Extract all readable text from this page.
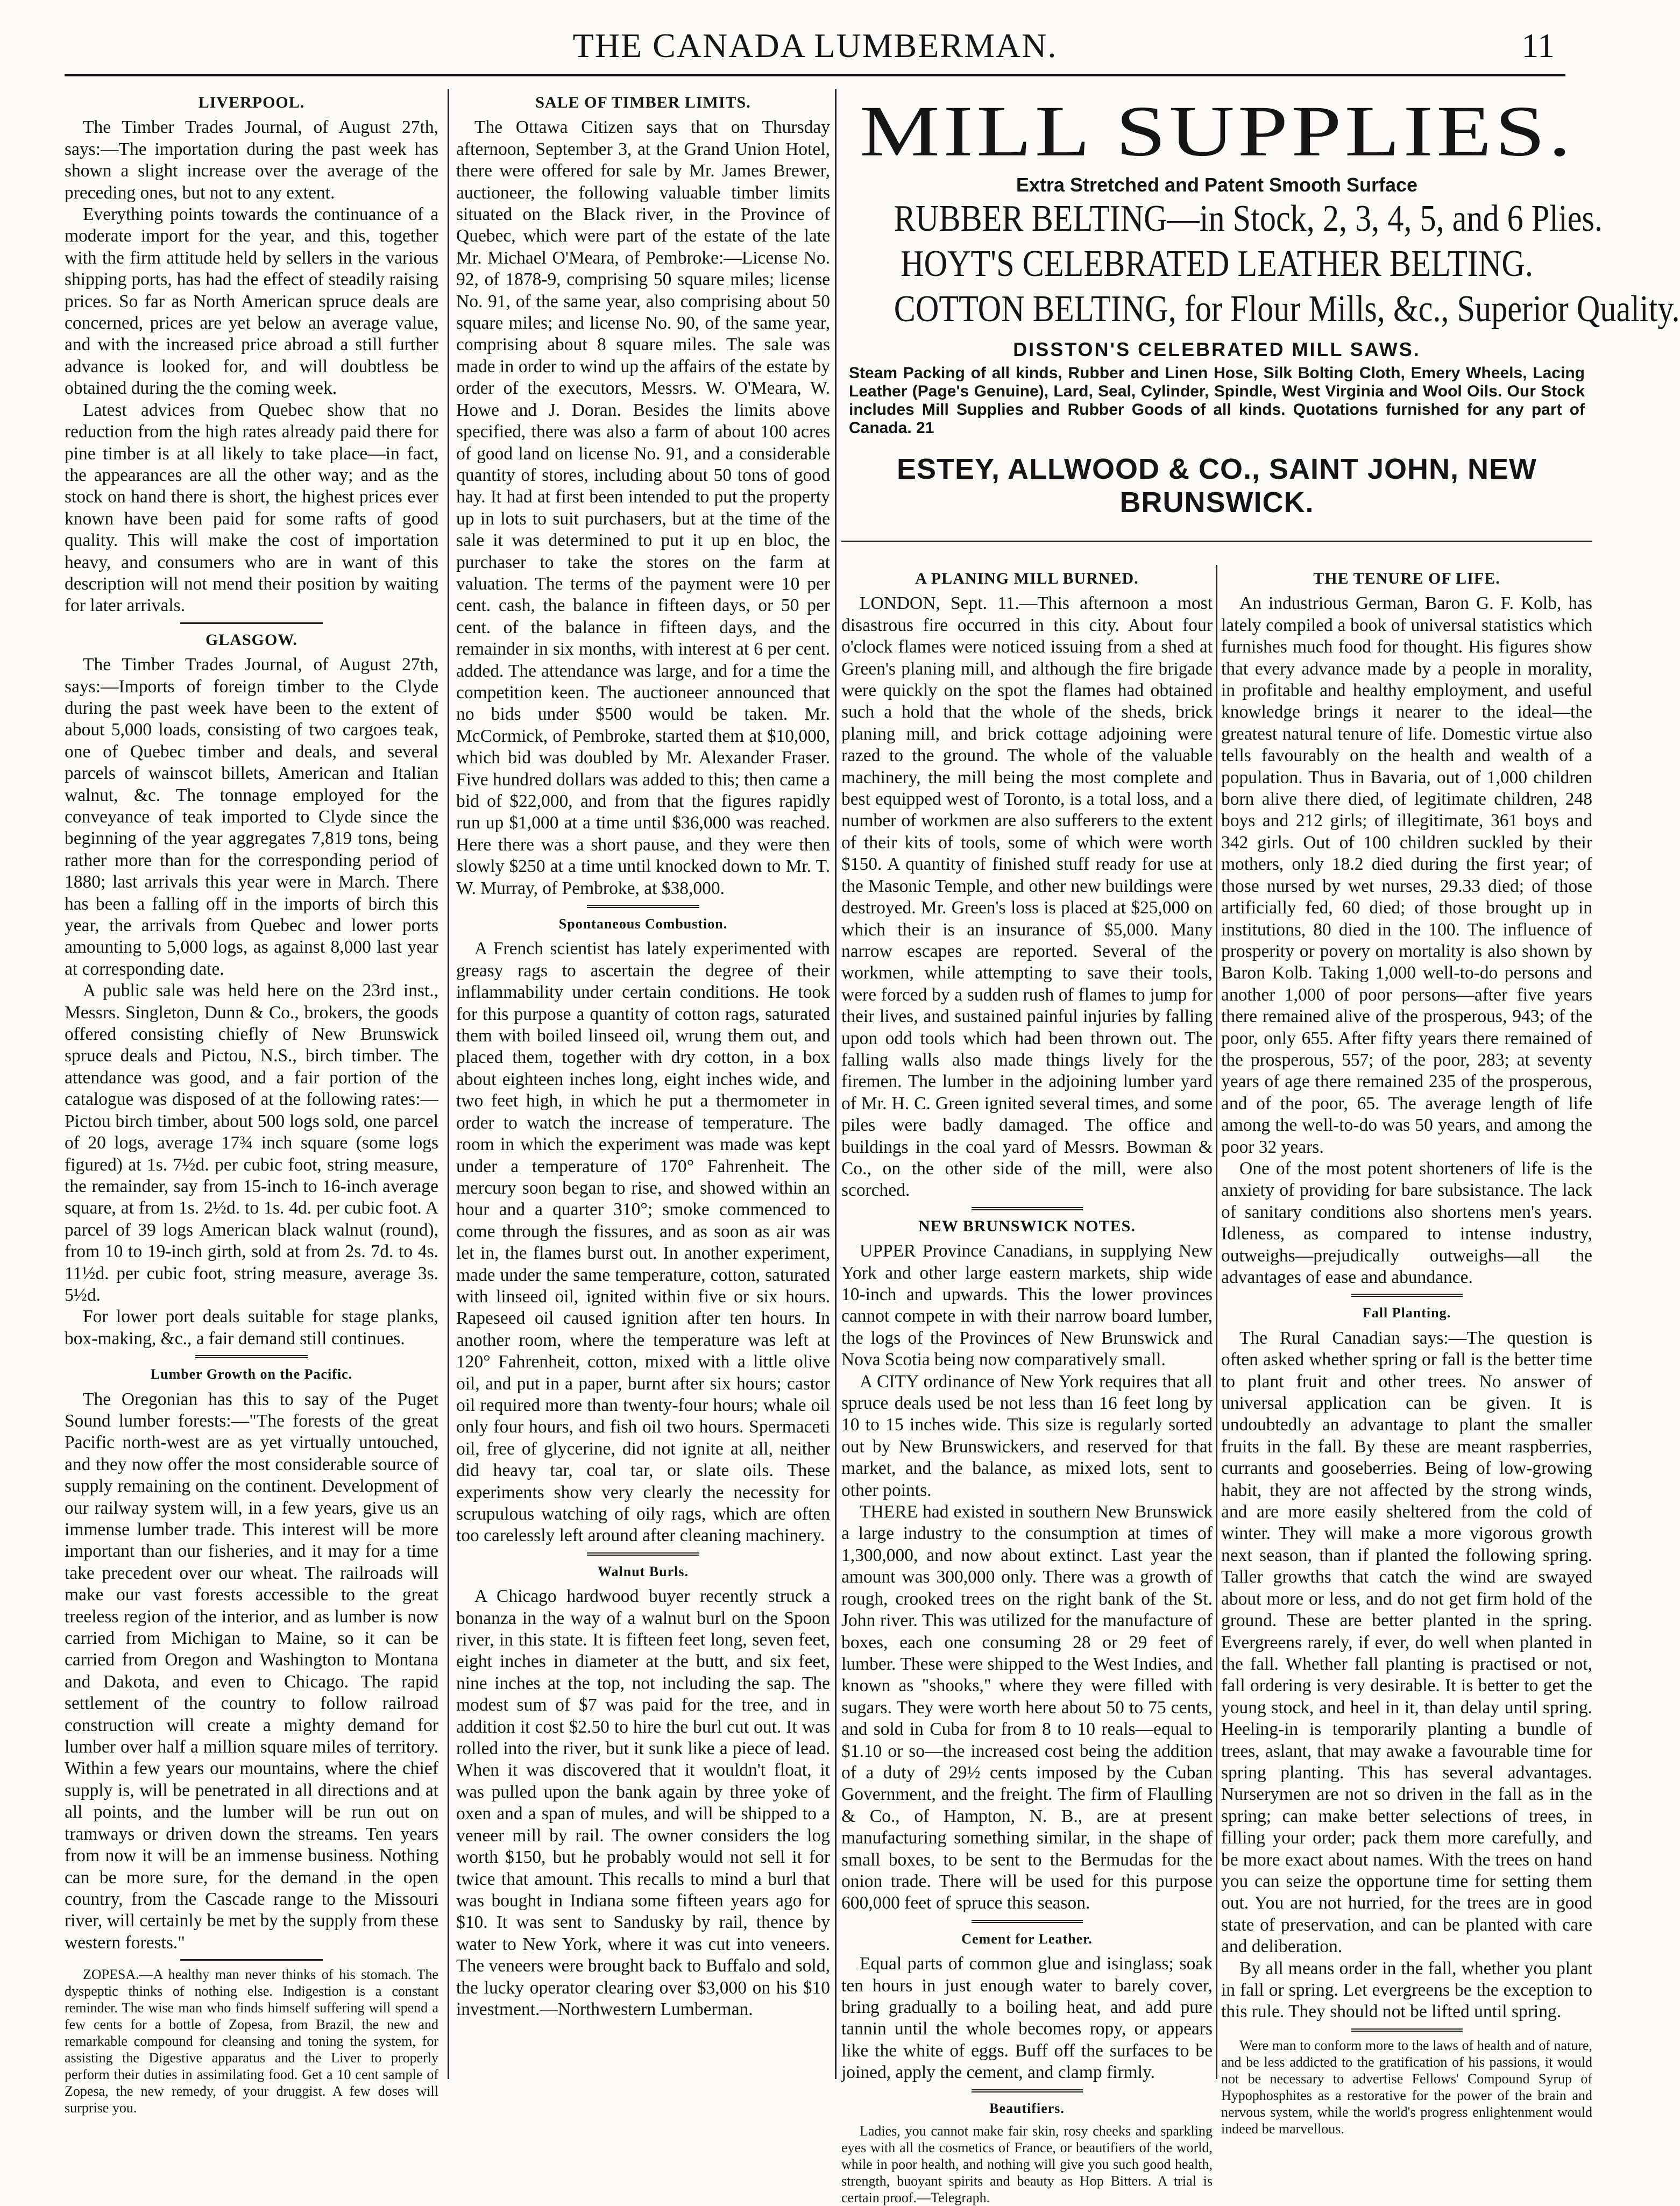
THE CANADA LUMBERMAN.	11
LIVERPOOL.

The Timber Trades Journal, of August 27th, says:—The importation during the past week has shown a slight increase over the average of the preceding ones, but not to any extent.

Everything points towards the continuance of a moderate import for the year, and this, together with the firm attitude held by sellers in the various shipping ports, has had the effect of steadily raising prices. So far as North American spruce deals are concerned, prices are yet below an average value, and with the increased price abroad a still further advance is looked for, and will doubtless be obtained during the the coming week.

Latest advices from Quebec show that no reduction from the high rates already paid there for pine timber is at all likely to take place—in fact, the appearances are all the other way; and as the stock on hand there is short, the highest prices ever known have been paid for some rafts of good quality. This will make the cost of importation heavy, and consumers who are in want of this description will not mend their position by waiting for later arrivals.

GLASGOW.

The Timber Trades Journal, of August 27th, says:—Imports of foreign timber to the Clyde during the past week have been to the extent of about 5,000 loads, consisting of two cargoes teak, one of Quebec timber and deals, and several parcels of wainscot billets, American and Italian walnut, &c. The tonnage employed for the conveyance of teak imported to Clyde since the beginning of the year aggregates 7,819 tons, being rather more than for the corresponding period of 1880; last arrivals this year were in March. There has been a falling off in the imports of birch this year, the arrivals from Quebec and lower ports amounting to 5,000 logs, as against 8,000 last year at corresponding date.

A public sale was held here on the 23rd inst., Messrs. Singleton, Dunn & Co., brokers, the goods offered consisting chiefly of New Brunswick spruce deals and Pictou, N.S., birch timber. The attendance was good, and a fair portion of the catalogue was disposed of at the following rates:—Pictou birch timber, about 500 logs sold, one parcel of 20 logs, average 17¾ inch square (some logs figured) at 1s. 7½d. per cubic foot, string measure, the remainder, say from 15-inch to 16-inch average square, at from 1s. 2½d. to 1s. 4d. per cubic foot. A parcel of 39 logs American black walnut (round), from 10 to 19-inch girth, sold at from 2s. 7d. to 4s. 11½d. per cubic foot, string measure, average 3s. 5½d.

For lower port deals suitable for stage planks, box-making, &c., a fair demand still continues.

Lumber Growth on the Pacific.

The Oregonian has this to say of the Puget Sound lumber forests:—"The forests of the great Pacific north-west are as yet virtually untouched, and they now offer the most considerable source of supply remaining on the continent. Development of our railway system will, in a few years, give us an immense lumber trade. This interest will be more important than our fisheries, and it may for a time take precedent over our wheat. The railroads will make our vast forests accessible to the great treeless region of the interior, and as lumber is now carried from Michigan to Maine, so it can be carried from Oregon and Washington to Montana and Dakota, and even to Chicago. The rapid settlement of the country to follow railroad construction will create a mighty demand for lumber over half a million square miles of territory. Within a few years our mountains, where the chief supply is, will be penetrated in all directions and at all points, and the lumber will be run out on tramways or driven down the streams. Ten years from now it will be an immense business. Nothing can be more sure, for the demand in the open country, from the Cascade range to the Missouri river, will certainly be met by the supply from these western forests."

ZOPESA.—A healthy man never thinks of his stomach. The dyspeptic thinks of nothing else. Indigestion is a constant reminder. The wise man who finds himself suffering will spend a few cents for a bottle of Zopesa, from Brazil, the new and remarkable compound for cleansing and toning the system, for assisting the Digestive apparatus and the Liver to properly perform their duties in assimilating food. Get a 10 cent sample of Zopesa, the new remedy, of your druggist. A few doses will surprise you.

SALE OF TIMBER LIMITS.

The Ottawa Citizen says that on Thursday afternoon, September 3, at the Grand Union Hotel, there were offered for sale by Mr. James Brewer, auctioneer, the following valuable timber limits situated on the Black river, in the Province of Quebec, which were part of the estate of the late Mr. Michael O'Meara, of Pembroke:—License No. 92, of 1878-9, comprising 50 square miles; license No. 91, of the same year, also comprising about 50 square miles; and license No. 90, of the same year, comprising about 8 square miles. The sale was made in order to wind up the affairs of the estate by order of the executors, Messrs. W. O'Meara, W. Howe and J. Doran. Besides the limits above specified, there was also a farm of about 100 acres of good land on license No. 91, and a considerable quantity of stores, including about 50 tons of good hay. It had at first been intended to put the property up in lots to suit purchasers, but at the time of the sale it was determined to put it up en bloc, the purchaser to take the stores on the farm at valuation. The terms of the payment were 10 per cent. cash, the balance in fifteen days, or 50 per cent. of the balance in fifteen days, and the remainder in six months, with interest at 6 per cent. added. The attendance was large, and for a time the competition keen. The auctioneer announced that no bids under $500 would be taken. Mr. McCormick, of Pembroke, started them at $10,000, which bid was doubled by Mr. Alexander Fraser. Five hundred dollars was added to this; then came a bid of $22,000, and from that the figures rapidly run up $1,000 at a time until $36,000 was reached. Here there was a short pause, and they were then slowly $250 at a time until knocked down to Mr. T. W. Murray, of Pembroke, at $38,000.

Spontaneous Combustion.

A French scientist has lately experimented with greasy rags to ascertain the degree of their inflammability under certain conditions. He took for this purpose a quantity of cotton rags, saturated them with boiled linseed oil, wrung them out, and placed them, together with dry cotton, in a box about eighteen inches long, eight inches wide, and two feet high, in which he put a thermometer in order to watch the increase of temperature. The room in which the experiment was made was kept under a temperature of 170° Fahrenheit. The mercury soon began to rise, and showed within an hour and a quarter 310°; smoke commenced to come through the fissures, and as soon as air was let in, the flames burst out. In another experiment, made under the same temperature, cotton, saturated with linseed oil, ignited within five or six hours. Rapeseed oil caused ignition after ten hours. In another room, where the temperature was left at 120° Fahrenheit, cotton, mixed with a little olive oil, and put in a paper, burnt after six hours; castor oil required more than twenty-four hours; whale oil only four hours, and fish oil two hours. Spermaceti oil, free of glycerine, did not ignite at all, neither did heavy tar, coal tar, or slate oils. These experiments show very clearly the necessity for scrupulous watching of oily rags, which are often too carelessly left around after cleaning machinery.

Walnut Burls.

A Chicago hardwood buyer recently struck a bonanza in the way of a walnut burl on the Spoon river, in this state. It is fifteen feet long, seven feet, eight inches in diameter at the butt, and six feet, nine inches at the top, not including the sap. The modest sum of $7 was paid for the tree, and in addition it cost $2.50 to hire the burl cut out. It was rolled into the river, but it sunk like a piece of lead. When it was discovered that it wouldn't float, it was pulled upon the bank again by three yoke of oxen and a span of mules, and will be shipped to a veneer mill by rail. The owner considers the log worth $150, but he probably would not sell it for twice that amount. This recalls to mind a burl that was bought in Indiana some fifteen years ago for $10. It was sent to Sandusky by rail, thence by water to New York, where it was cut into veneers. The veneers were brought back to Buffalo and sold, the lucky operator clearing over $3,000 on his $10 investment.—Northwestern Lumberman.

MILL SUPPLIES.
Extra Stretched and Patent Smooth Surface
RUBBER BELTING—in Stock, 2, 3, 4, 5, and 6 Plies.
HOYT'S CELEBRATED LEATHER BELTING.
COTTON BELTING, for Flour Mills, &c., Superior Quality.
DISSTON'S CELEBRATED MILL SAWS.
Steam Packing of all kinds, Rubber and Linen Hose, Silk Bolting Cloth, Emery Wheels, Lacing Leather (Page's Genuine), Lard, Seal, Cylinder, Spindle, West Virginia and Wool Oils. Our Stock includes Mill Supplies and Rubber Goods of all kinds. Quotations furnished for any part of Canada. 21
ESTEY, ALLWOOD & CO., SAINT JOHN, NEW BRUNSWICK.
A PLANING MILL BURNED.

LONDON, Sept. 11.—This afternoon a most disastrous fire occurred in this city. About four o'clock flames were noticed issuing from a shed at Green's planing mill, and although the fire brigade were quickly on the spot the flames had obtained such a hold that the whole of the sheds, brick planing mill, and brick cottage adjoining were razed to the ground. The whole of the valuable machinery, the mill being the most complete and best equipped west of Toronto, is a total loss, and a number of workmen are also sufferers to the extent of their kits of tools, some of which were worth $150. A quantity of finished stuff ready for use at the Masonic Temple, and other new buildings were destroyed. Mr. Green's loss is placed at $25,000 on which their is an insurance of $5,000. Many narrow escapes are reported. Several of the workmen, while attempting to save their tools, were forced by a sudden rush of flames to jump for their lives, and sustained painful injuries by falling upon odd tools which had been thrown out. The falling walls also made things lively for the firemen. The lumber in the adjoining lumber yard of Mr. H. C. Green ignited several times, and some piles were badly damaged. The office and buildings in the coal yard of Messrs. Bowman & Co., on the other side of the mill, were also scorched.

NEW BRUNSWICK NOTES.

UPPER Province Canadians, in supplying New York and other large eastern markets, ship wide 10-inch and upwards. This the lower provinces cannot compete in with their narrow board lumber, the logs of the Provinces of New Brunswick and Nova Scotia being now comparatively small.

A CITY ordinance of New York requires that all spruce deals used be not less than 16 feet long by 10 to 15 inches wide. This size is regularly sorted out by New Brunswickers, and reserved for that market, and the balance, as mixed lots, sent to other points.

THERE had existed in southern New Brunswick a large industry to the consumption at times of 1,300,000, and now about extinct. Last year the amount was 300,000 only. There was a growth of rough, crooked trees on the right bank of the St. John river. This was utilized for the manufacture of boxes, each one consuming 28 or 29 feet of lumber. These were shipped to the West Indies, and known as "shooks," where they were filled with sugars. They were worth here about 50 to 75 cents, and sold in Cuba for from 8 to 10 reals—equal to $1.10 or so—the increased cost being the addition of a duty of 29½ cents imposed by the Cuban Government, and the freight. The firm of Flaulling & Co., of Hampton, N. B., are at present manufacturing something similar, in the shape of small boxes, to be sent to the Bermudas for the onion trade. There will be used for this purpose 600,000 feet of spruce this season.

Cement for Leather.

Equal parts of common glue and isinglass; soak ten hours in just enough water to barely cover, bring gradually to a boiling heat, and add pure tannin until the whole becomes ropy, or appears like the white of eggs. Buff off the surfaces to be joined, apply the cement, and clamp firmly.

Beautifiers.

Ladies, you cannot make fair skin, rosy cheeks and sparkling eyes with all the cosmetics of France, or beautifiers of the world, while in poor health, and nothing will give you such good health, strength, buoyant spirits and beauty as Hop Bitters. A trial is certain proof.—Telegraph.

THE TENURE OF LIFE.

An industrious German, Baron G. F. Kolb, has lately compiled a book of universal statistics which furnishes much food for thought. His figures show that every advance made by a people in morality, in profitable and healthy employment, and useful knowledge brings it nearer to the ideal—the greatest natural tenure of life. Domestic virtue also tells favourably on the health and wealth of a population. Thus in Bavaria, out of 1,000 children born alive there died, of legitimate children, 248 boys and 212 girls; of illegitimate, 361 boys and 342 girls. Out of 100 children suckled by their mothers, only 18.2 died during the first year; of those nursed by wet nurses, 29.33 died; of those artificially fed, 60 died; of those brought up in institutions, 80 died in the 100. The influence of prosperity or povery on mortality is also shown by Baron Kolb. Taking 1,000 well-to-do persons and another 1,000 of poor persons—after five years there remained alive of the prosperous, 943; of the poor, only 655. After fifty years there remained of the prosperous, 557; of the poor, 283; at seventy years of age there remained 235 of the prosperous, and of the poor, 65. The average length of life among the well-to-do was 50 years, and among the poor 32 years.

One of the most potent shorteners of life is the anxiety of providing for bare subsistance. The lack of sanitary conditions also shortens men's years. Idleness, as compared to intense industry, outweighs—prejudically outweighs—all the advantages of ease and abundance.

Fall Planting.

The Rural Canadian says:—The question is often asked whether spring or fall is the better time to plant fruit and other trees. No answer of universal application can be given. It is undoubtedly an advantage to plant the smaller fruits in the fall. By these are meant raspberries, currants and gooseberries. Being of low-growing habit, they are not affected by the strong winds, and are more easily sheltered from the cold of winter. They will make a more vigorous growth next season, than if planted the following spring. Taller growths that catch the wind are swayed about more or less, and do not get firm hold of the ground. These are better planted in the spring. Evergreens rarely, if ever, do well when planted in the fall. Whether fall planting is practised or not, fall ordering is very desirable. It is better to get the young stock, and heel in it, than delay until spring. Heeling-in is temporarily planting a bundle of trees, aslant, that may awake a favourable time for spring planting. This has several advantages. Nurserymen are not so driven in the fall as in the spring; can make better selections of trees, in filling your order; pack them more carefully, and be more exact about names. With the trees on hand you can seize the opportune time for setting them out. You are not hurried, for the trees are in good state of preservation, and can be planted with care and deliberation.

By all means order in the fall, whether you plant in fall or spring. Let evergreens be the exception to this rule. They should not be lifted until spring.

Were man to conform more to the laws of health and of nature, and be less addicted to the gratification of his passions, it would not be necessary to advertise Fellows' Compound Syrup of Hypophosphites as a restorative for the power of the brain and nervous system, while the world's progress enlightenment would indeed be marvellous.
